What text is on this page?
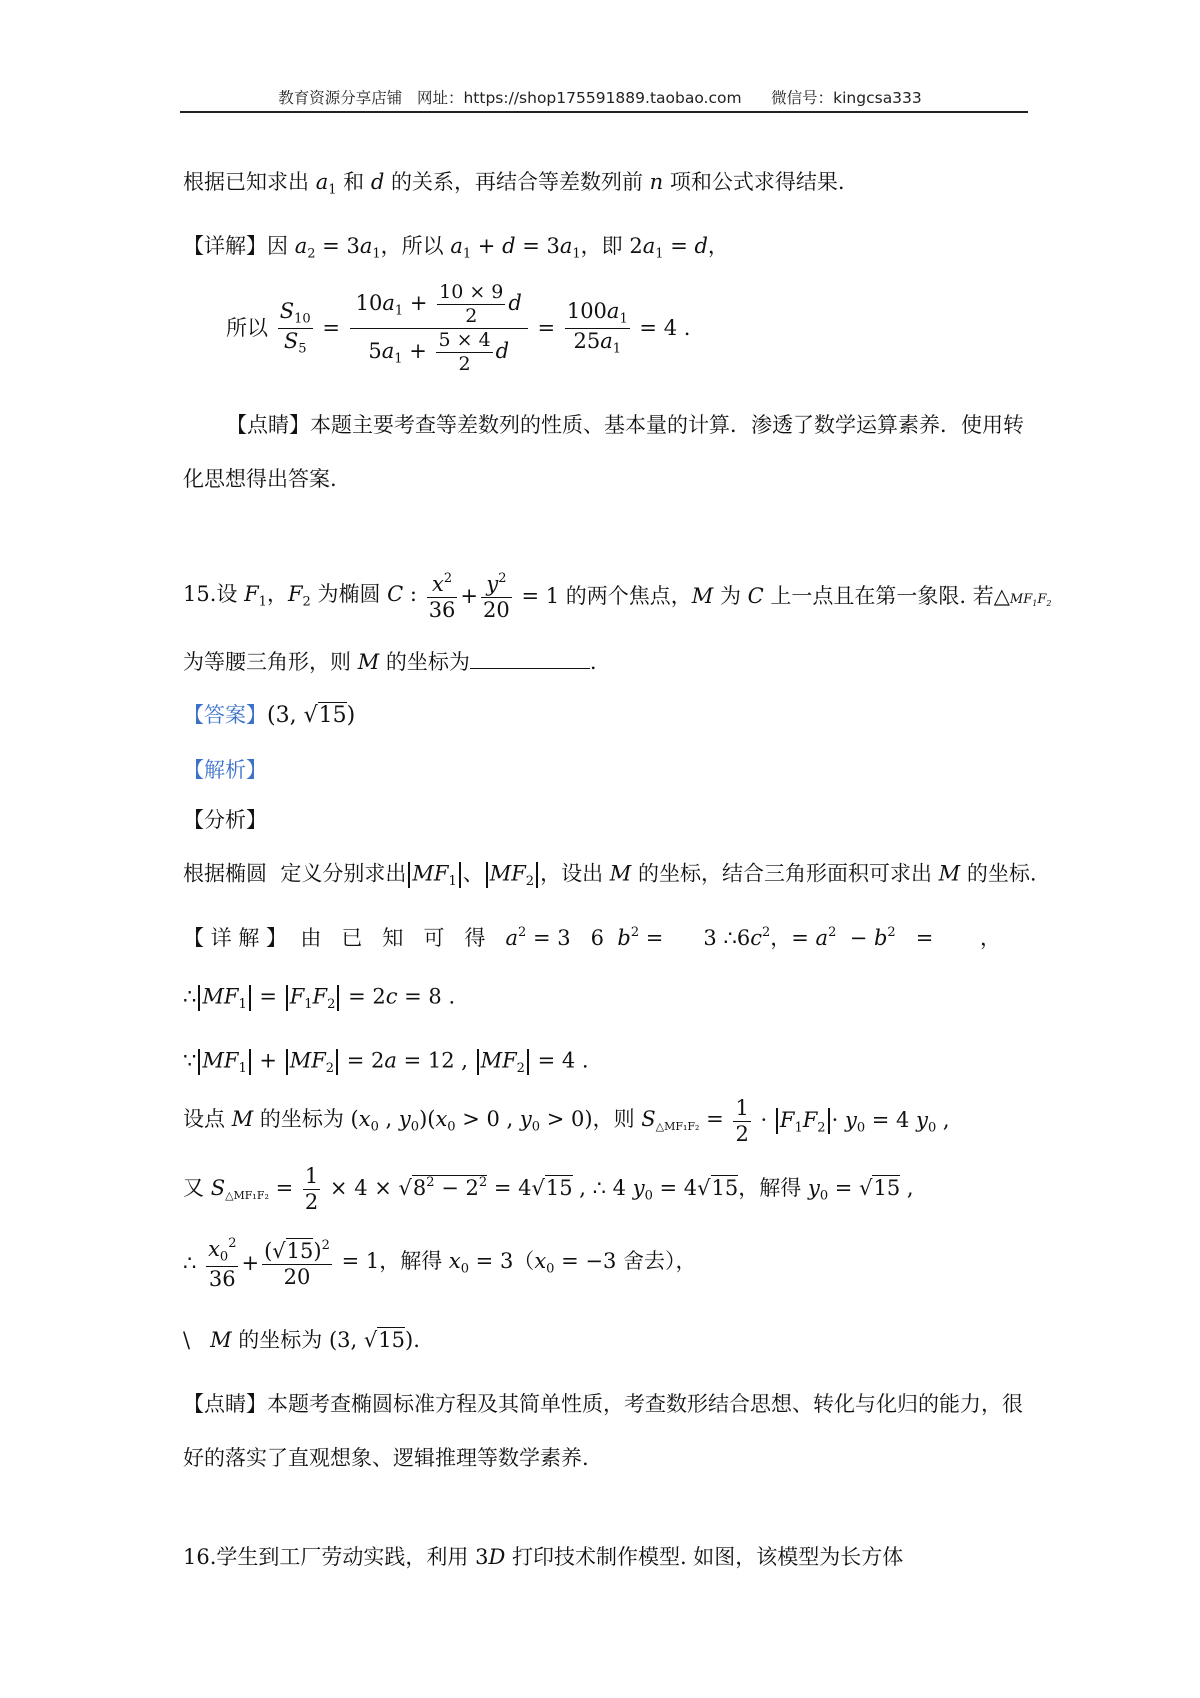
教育资源分享店铺   网址：https://shop175591889.taobao.com      微信号：kingcsa333
根据已知求出 $a_1$ 和 d 的关系，再结合等差数列前 n 项和公式求得结果.
【详解】因 $a_2 = 3a_1$，所以 $a_1 + d = 3a_1$，即 $2a_1 = d$，
所以 $\frac{S_{10}}{S_5} = \frac{10a_1 + \frac{10 \times 9}{2} d}{5a_1 + \frac{5 \times 4}{2} d} = \frac{100a_1}{25a_1} = 4$ .
【点睛】本题主要考查等差数列的性质、基本量的计算．渗透了数学运算素养．使用转
化思想得出答案.
15.设 $F_1$，$F_2$ 为椭圆 C : $\frac{x^2}{36} + \frac{y^2}{20} = 1$ 的两个焦点，M 为 C 上一点且在第一象限. 若$\triangle MF_1F_2$
为等腰三角形，则 M 的坐标为	.
【答案】(3, √15)
【解析】
【分析】
根据椭圆  定义分别求出 $MF_1$ 、 $MF_2$ ，设出 M 的坐标，结合三角形面积可求出 M 的坐标.
【 详 解 】  由   已   知   可   得   $a^2 = 3$   6  $b^2$ =      3 $\therefore 6c^2$，= $a^2 - b^2$   =       ，
∴ $MF_1 = F_1F_2 = 2c = 8$ .
∵ $MF_1 + MF_2 = 2a = 12$ , $MF_2 = 4$ .
设点 M 的坐标为 ($x_0$ , $y_0)(x_0 > 0$ , $y_0 > 0$)，则 $S_{\triangle MF_1F_2} = \frac{1}{2} \cdot F_1F_2 \cdot y_0 = 4$ $y_0$ ,
又 $S_{\triangle MF_1F_2} = \frac{1}{2} \times 4 \times √8^2 - 2^2 = 4√15$ , ∴ 4 $y_0 = 4√15$，解得 $y_0 = √15$ ,
∴ $\frac{x_0^2}{36} + \frac{(√15)^2}{20} = 1$，解得 $x_0 = 3(x_0 = -3$ 舍去），
\   M 的坐标为 (3, √15).
【点睛】本题考查椭圆标准方程及其简单性质，考查数形结合思想、转化与化归的能力，很
好的落实了直观想象、逻辑推理等数学素养.
16.学生到工厂劳动实践，利用 3D 打印技术制作模型. 如图，该模型为长方体
